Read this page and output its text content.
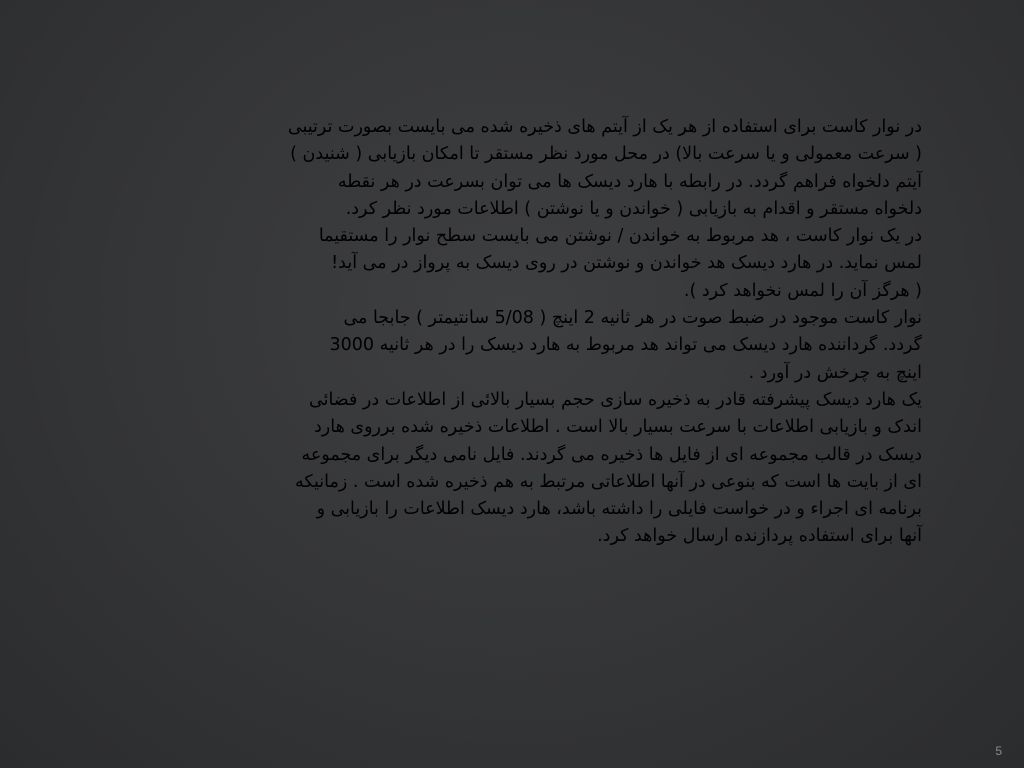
در نوار کاست برای استفاده از هر یک از آیتم های ذخیره شده می بایست بصورت ترتیبی
( سرعت معمولی و یا سرعت بالا) در محل مورد نظر مستقر تا امکان بازیابی ( شنیدن )
آیتم دلخواه فراهم گردد. در رابطه با هارد دیسک ها می توان بسرعت در هر نقطه
دلخواه مستقر و اقدام به بازیابی ( خواندن و یا نوشتن ) اطلاعات مورد نظر کرد.
در یک نوار کاست ، هد مربوط به خواندن / نوشتن می بایست سطح نوار را مستقیما
لمس نماید. در هارد دیسک هد خواندن و نوشتن در روی دیسک به پرواز در می آید!
( هرگز آن را لمس نخواهد کرد ).
نوار کاست موجود در ضبط صوت در هر ثانیه 2 اینچ ( 5/08 سانتیمتر ) جابجا می
گردد. گرداننده هارد دیسک می تواند هد مربوط به هارد دیسک را در هر ثانیه 3000
اینچ به چرخش در آورد .
یک هارد دیسک پیشرفته قادر به ذخیره سازی حجم بسیار بالائی از اطلاعات در فضائی
اندک و بازیابی اطلاعات با سرعت بسیار بالا است . اطلاعات ذخیره شده برروی هارد
دیسک در قالب مجموعه ای از فایل ها ذخیره می گردند. فایل نامی دیگر برای مجموعه
ای از بایت ها است که بنوعی در آنها اطلاعاتی مرتبط به هم ذخیره شده است . زمانیکه
برنامه ای اجراء و در خواست فایلی را داشته باشد، هارد دیسک اطلاعات را بازیابی و
آنها برای استفاده پردازنده ارسال خواهد کرد.
5
